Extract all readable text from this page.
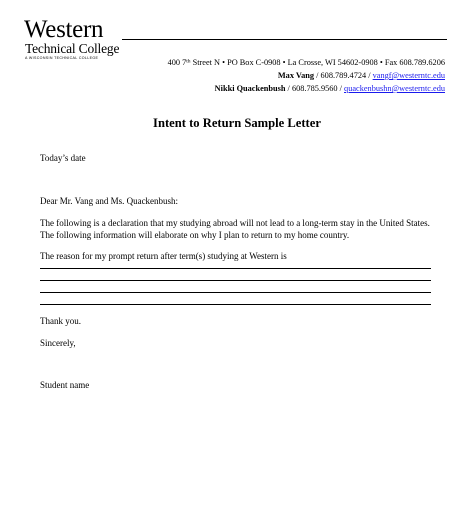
Western
Technical College
A WISCONSIN TECHNICAL COLLEGE	400 7th Street N • PO Box C-0908 • La Crosse, WI 54602-0908 • Fax 608.789.6206
Max Vang / 608.789.4724 / vangf@westerntc.edu
Nikki Quackenbush / 608.785.9560 / quackenbushn@westerntc.edu
Intent to Return Sample Letter
Today’s date
Dear Mr. Vang and Ms. Quackenbush:
The following is a declaration that my studying abroad will not lead to a long-term stay in the United States.
The following information will elaborate on why I plan to return to my home country.
The reason for my prompt return after term(s) studying at Western is
Thank you.
Sincerely,
Student name
